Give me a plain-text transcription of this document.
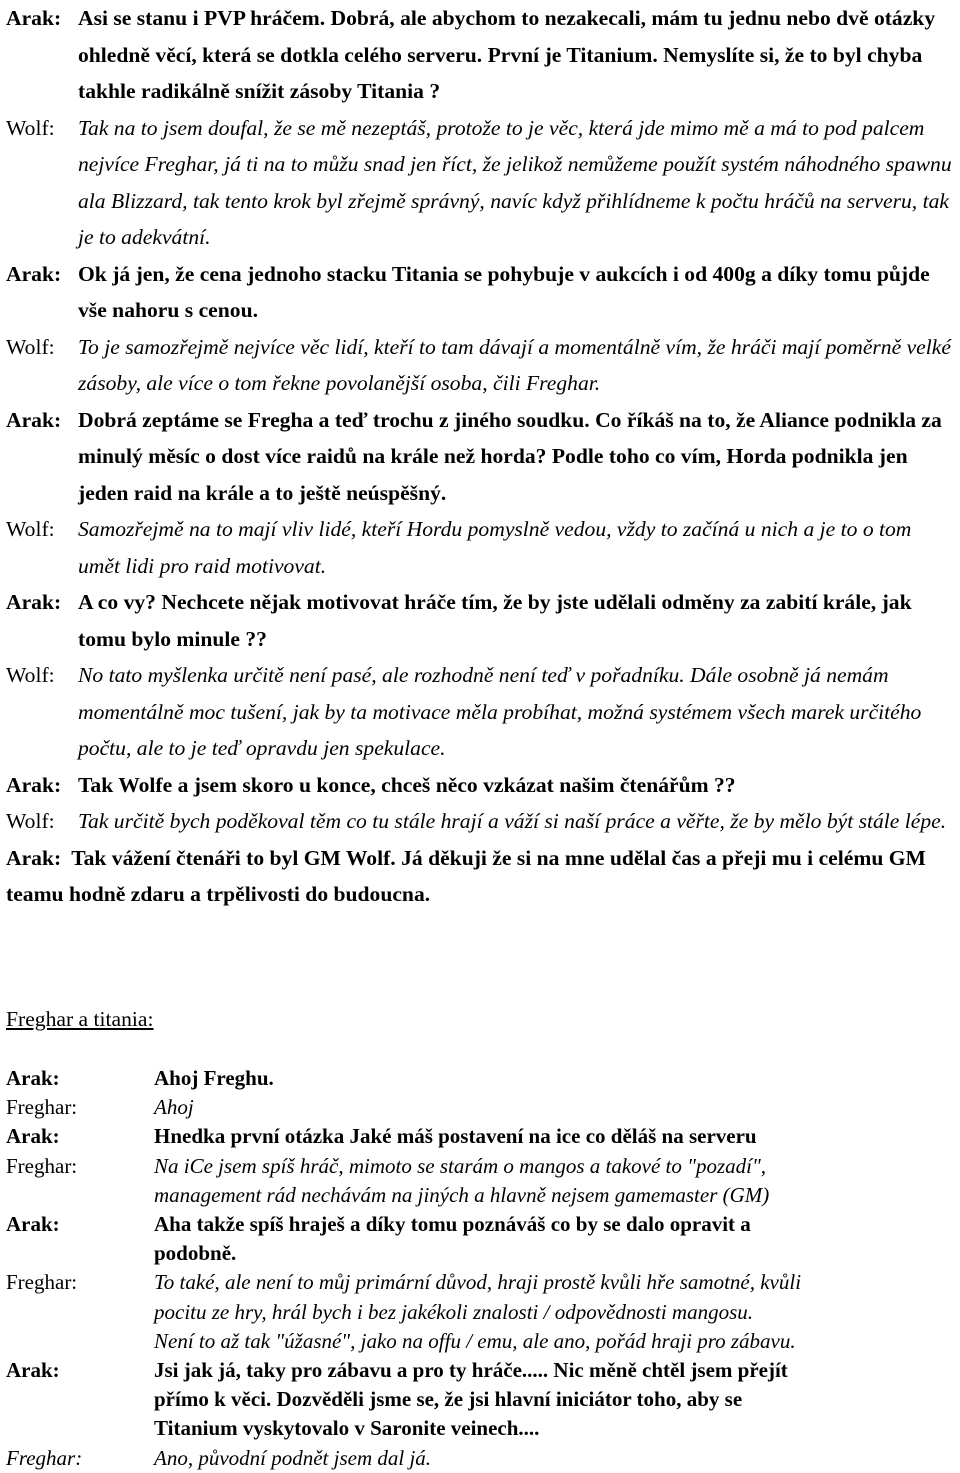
Arak: Asi se stanu i PVP hráčem. Dobrá, ale abychom to nezakecali, mám tu jednu nebo dvě otázky ohledně věcí, která se dotkla celého serveru. První je Titanium. Nemyslíte si, že to byl chyba takhle radikálně snížit zásoby Titania ?
Wolf:	Tak na to jsem doufal, že se mě nezeptáš, protože to je věc, která jde mimo mě a má to pod palcem nejvíce Freghar, já ti na to můžu snad jen říct, že jelikož nemůžeme použít systém náhodného spawnu ala Blizzard, tak tento krok byl zřejmě správný, navíc když přihlídneme k počtu hráčů na serveru, tak je to adekvátní.
Arak: Ok já jen, že cena jednoho stacku Titania se pohybuje v aukcích i od 400g a díky tomu půjde vše nahoru s cenou.
Wolf:	To je samozřejmě nejvíce věc lidí, kteří to tam dávají a momentálně vím, že hráči mají poměrně velké zásoby, ale více o tom řekne povolanější osoba, čili Freghar.
Arak: Dobrá zeptáme se Fregha a teď trochu z jiného soudku. Co říkáš na to, že Aliance podnikla za minulý měsíc o dost více raidů na krále než horda? Podle toho co vím, Horda podnikla jen jeden raid na krále a to ještě neúspěšný.
Wolf:	Samozřejmě na to mají vliv lidé, kteří Hordu pomyslně vedou, vždy to začíná u nich a je to o tom umět lidi pro raid motivovat.
Arak: A co vy? Nechcete nějak motivovat hráče tím, že by jste udělali odměny za zabití krále, jak tomu bylo minule ??
Wolf:	No tato myšlenka určitě není pasé, ale rozhodně není teď v pořadníku. Dále osobně já nemám momentálně moc tušení, jak by ta motivace měla probíhat, možná systémem všech marek určitého počtu, ale to je teď opravdu jen spekulace.
Arak: Tak Wolfe a jsem skoro u konce, chceš něco vzkázat našim čtenářům ??
Wolf:	Tak určitě bych poděkoval těm co tu stále hrají a váží si naší práce a věřte, že by mělo být stále lépe.
Arak: Tak vážení čtenáři to byl GM Wolf. Já děkuji že si na mne udělal čas a přeji mu i celému GM teamu hodně zdaru a trpělivosti do budoucna.
Freghar a titania:
Arak:	Ahoj Freghu.
Freghar:	Ahoj
Arak:	Hnedka první otázka Jaké máš postavení na ice co děláš na serveru
Freghar:	Na iCe jsem spíš hráč, mimoto se starám o mangos a takové to "pozadí",
management rád nechávám na jiných a hlavně nejsem gamemaster (GM)
Arak:	Aha takže spíš hraješ a díky tomu poznáváš co by se dalo opravit a
podobně.
Freghar:	To také, ale není to můj primární důvod, hraji prostě kvůli hře samotné, kvůli
pocitu ze hry, hrál bych i bez jakékoli znalosti / odpovědnosti mangosu.
Není to až tak "úžasné", jako na offu / emu, ale ano, pořád hraji pro zábavu.
Arak:	Jsi jak já, taky pro zábavu a pro ty hráče..... Nic měně chtěl jsem přejít
přímo k věci. Dozvěděli jsme se, že jsi hlavní iniciátor toho, aby se
Titanium vyskytovalo v Saronite veinech....
Freghar:	Ano, původní podnět jsem dal já.
